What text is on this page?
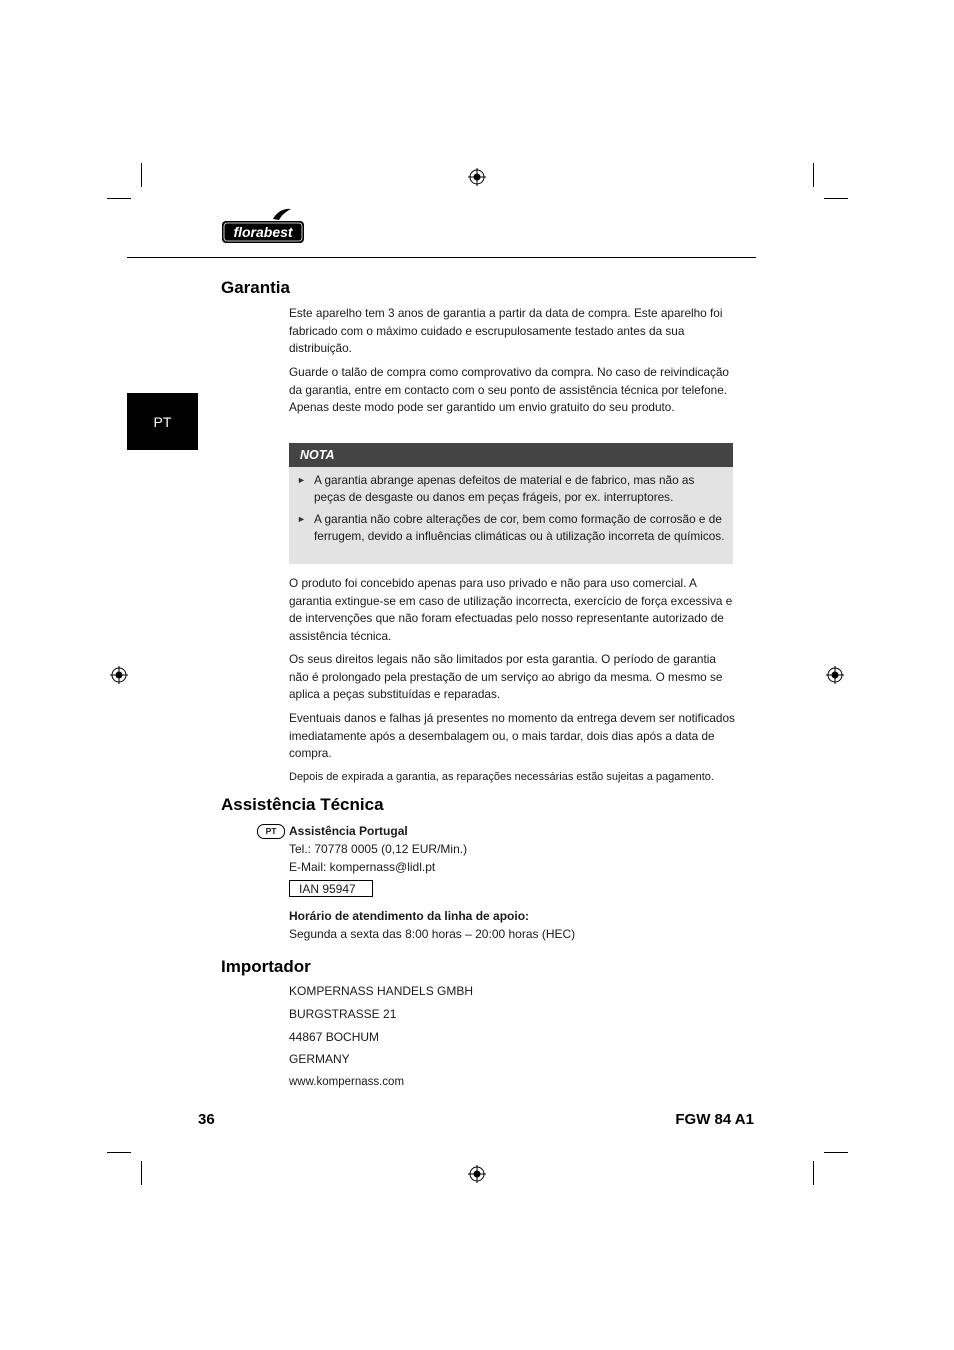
florabest
PT
Garantia

Este aparelho tem 3 anos de garantia a partir da data de compra. Este aparelho foi fabricado com o máximo cuidado e escrupulosamente testado antes da sua distribuição.

Guarde o talão de compra como comprovativo da compra. No caso de reivindicação da garantia, entre em contacto com o seu ponto de assistência técnica por telefone. Apenas deste modo pode ser garantido um envio gratuito do seu produto.

NOTA
► A garantia abrange apenas defeitos de material e de fabrico, mas não as peças de desgaste ou danos em peças frágeis, por ex. interruptores.
► A garantia não cobre alterações de cor, bem como formação de corrosão e de ferrugem, devido a influências climáticas ou à utilização incorreta de químicos.

O produto foi concebido apenas para uso privado e não para uso comercial. A garantia extingue-se em caso de utilização incorrecta, exercício de força excessiva e de intervenções que não foram efectuadas pelo nosso representante autorizado de assistência técnica.

Os seus direitos legais não são limitados por esta garantia. O período de garantia não é prolongado pela prestação de um serviço ao abrigo da mesma. O mesmo se aplica a peças substituídas e reparadas.

Eventuais danos e falhas já presentes no momento da entrega devem ser notificados imediatamente após a desembalagem ou, o mais tardar, dois dias após a data de compra.

Depois de expirada a garantia, as reparações necessárias estão sujeitas a pagamento.

Assistência Técnica
PT	Assistência Portugal
Tel.: 70778 0005 (0,12 EUR/Min.)
E-Mail: kompernass@lidl.pt
IAN 95947
Horário de atendimento da linha de apoio:
Segunda a sexta das 8:00 horas – 20:00 horas (HEC)
Importador
KOMPERNASS HANDELS GMBH
BURGSTRASSE 21
44867 BOCHUM
GERMANY
www.kompernass.com
36	FGW 84 A1
